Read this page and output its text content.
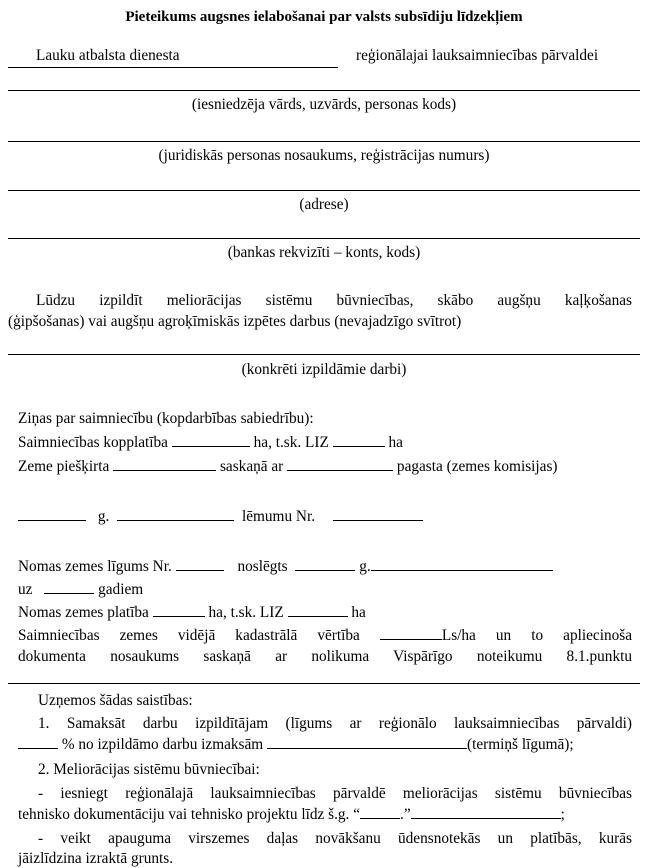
Pieteikums augsnes ielabošanai par valsts subsīdiju līdzekļiem
Lauku atbalsta dienesta	reģionālajai lauksaimniecības pārvaldei
(iesniedzēja vārds, uzvārds, personas kods)
(juridiskās personas nosaukums, reģistrācijas numurs)
(adrese)
(bankas rekvizīti – konts, kods)
Lūdzu izpildīt meliorācijas sistēmu būvniecības, skābo augšņu kaļķošanas
(ģipšošanas) vai augšņu agroķīmiskās izpētes darbus (nevajadzīgo svītrot)
(konkrēti izpildāmie darbi)
Ziņas par saimniecību (kopdarbības sabiedrību):
Saimniecības kopplatība	ha, t.sk. LIZ	ha
Zeme piešķirta	saskaņā ar	pagasta (zemes komisijas)
g.	lēmumu Nr.
Nomas zemes līgums Nr.	noslēgts	g.
uz	gadiem
Nomas zemes platība	ha, t.sk. LIZ	ha
Saimniecības zemes vidējā kadastrālā vērtība	Ls/ha un to apliecinoša
dokumenta nosaukums saskaņā ar nolikuma Vispārīgo noteikumu 8.1.punktu
Uzņemos šādas saistības:
1. Samaksāt darbu izpildītājam (līgums ar reģionālo lauksaimniecības pārvaldi)
% no izpildāmo darbu izmaksām	(termiņš līgumā);
2. Meliorācijas sistēmu būvniecībai:
- iesniegt reģionālajā lauksaimniecības pārvaldē meliorācijas sistēmu būvniecības
tehnisko dokumentāciju vai tehnisko projektu līdz š.g. “	.”	;
- veikt apauguma virszemes daļas novākšanu ūdensnotekās un platībās, kurās
jāizlīdzina izraktā grunts.
